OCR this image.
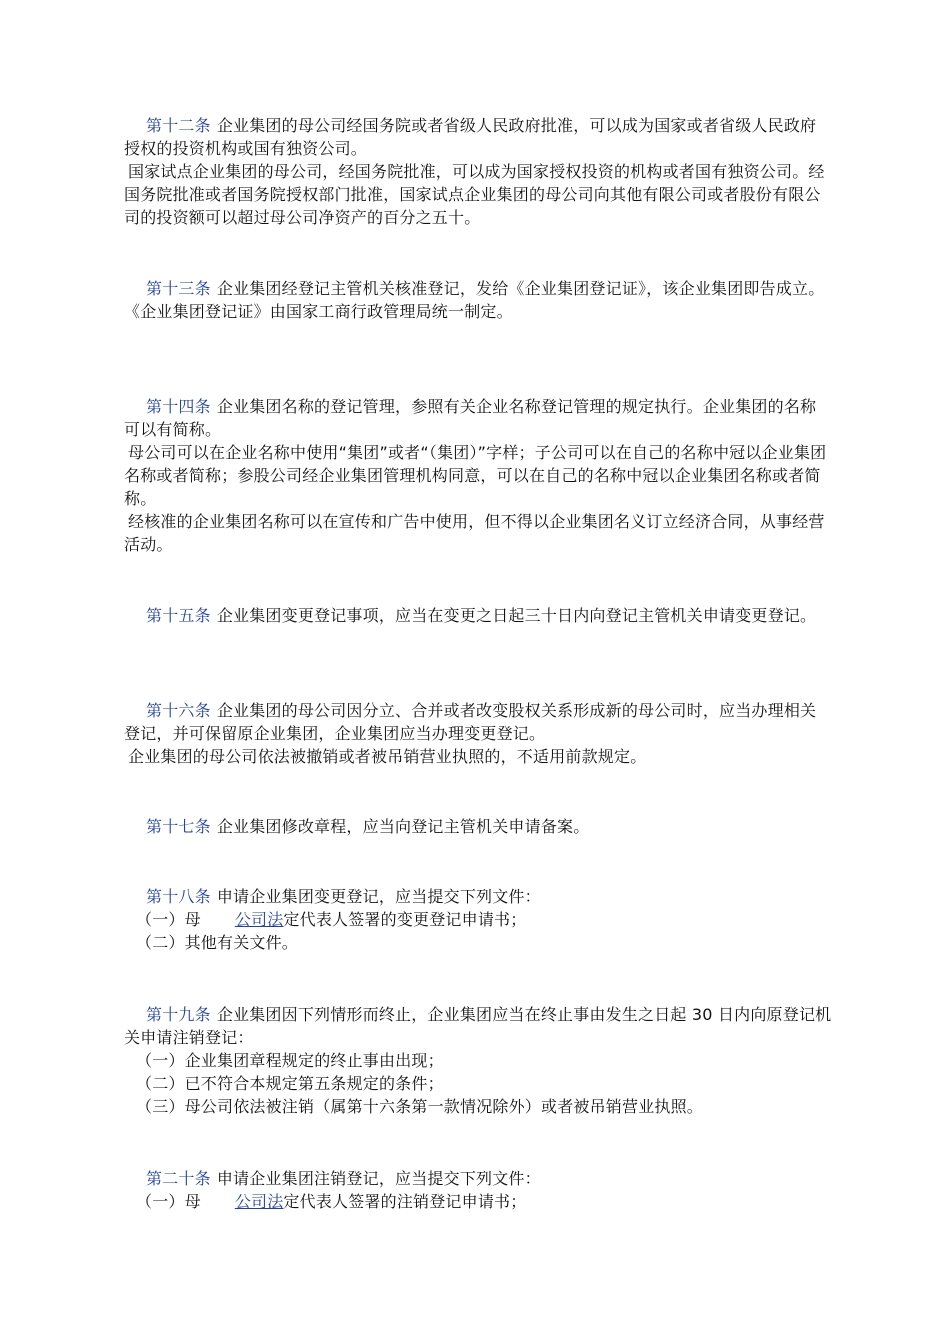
第十二条 企业集团的母公司经国务院或者省级人民政府批准，可以成为国家或者省级人民政府授权的投资机构或国有独资公司。

国家试点企业集团的母公司，经国务院批准，可以成为国家授权投资的机构或者国有独资公司。经国务院批准或者国务院授权部门批准，国家试点企业集团的母公司向其他有限公司或者股份有限公司的投资额可以超过母公司净资产的百分之五十。

第十三条 企业集团经登记主管机关核准登记，发给《企业集团登记证》，该企业集团即告成立。

《企业集团登记证》由国家工商行政管理局统一制定。

第十四条 企业集团名称的登记管理，参照有关企业名称登记管理的规定执行。企业集团的名称可以有简称。

母公司可以在企业名称中使用“集团”或者“（集团）”字样；子公司可以在自己的名称中冠以企业集团名称或者简称；参股公司经企业集团管理机构同意，可以在自己的名称中冠以企业集团名称或者简称。

经核准的企业集团名称可以在宣传和广告中使用，但不得以企业集团名义订立经济合同，从事经营活动。

第十五条 企业集团变更登记事项，应当在变更之日起三十日内向登记主管机关申请变更登记。

第十六条 企业集团的母公司因分立、合并或者改变股权关系形成新的母公司时，应当办理相关登记，并可保留原企业集团，企业集团应当办理变更登记。

企业集团的母公司依法被撤销或者被吊销营业执照的，不适用前款规定。

第十七条 企业集团修改章程，应当向登记主管机关申请备案。

第十八条 申请企业集团变更登记，应当提交下列文件：

（一）母 公司法定代表人签署的变更登记申请书；

（二）其他有关文件。

第十九条 企业集团因下列情形而终止，企业集团应当在终止事由发生之日起 30 日内向原登记机关申请注销登记：

（一）企业集团章程规定的终止事由出现；

（二）已不符合本规定第五条规定的条件；

（三）母公司依法被注销（属第十六条第一款情况除外）或者被吊销营业执照。

第二十条 申请企业集团注销登记，应当提交下列文件：

（一）母 公司法定代表人签署的注销登记申请书；
